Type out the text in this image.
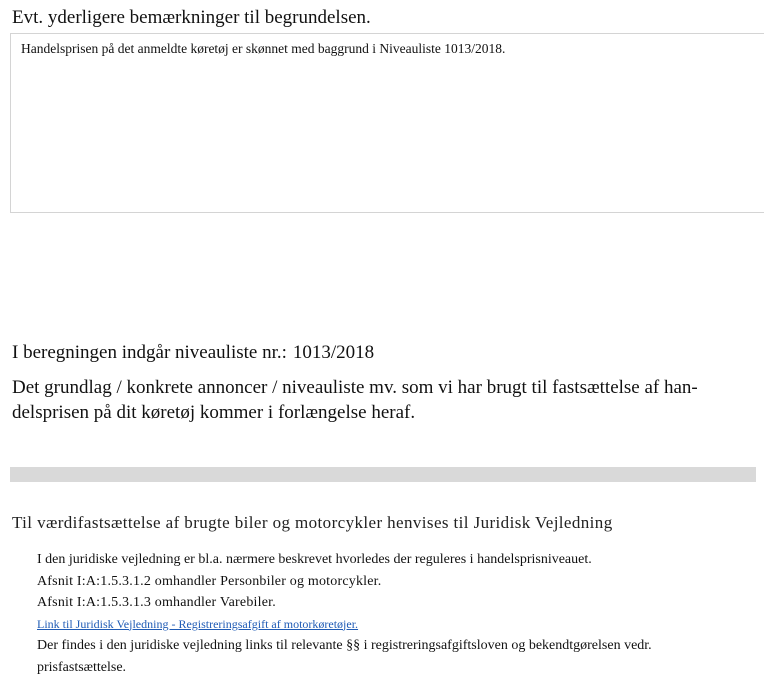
Evt. yderligere bemærkninger til begrundelsen.
Handelsprisen på det anmeldte køretøj er skønnet med baggrund i Niveauliste 1013/2018.
I beregningen indgår niveauliste nr.: 1013/2018
Det grundlag / konkrete annoncer / niveauliste mv. som vi har brugt til fastsættelse af han-
delsprisen på dit køretøj kommer i forlængelse heraf.
Til værdifastsættelse af brugte biler og motorcykler henvises til Juridisk Vejledning
I den juridiske vejledning er bl.a. nærmere beskrevet hvorledes der reguleres i handelsprisniveauet.
Afsnit I:A:1.5.3.1.2 omhandler Personbiler og motorcykler.
Afsnit I:A:1.5.3.1.3 omhandler Varebiler.
Link til Juridisk Vejledning - Registreringsafgift af motorkøretøjer.
Der findes i den juridiske vejledning links til relevante §§ i registreringsafgiftsloven og bekendtgørelsen vedr.
prisfastsættelse.
